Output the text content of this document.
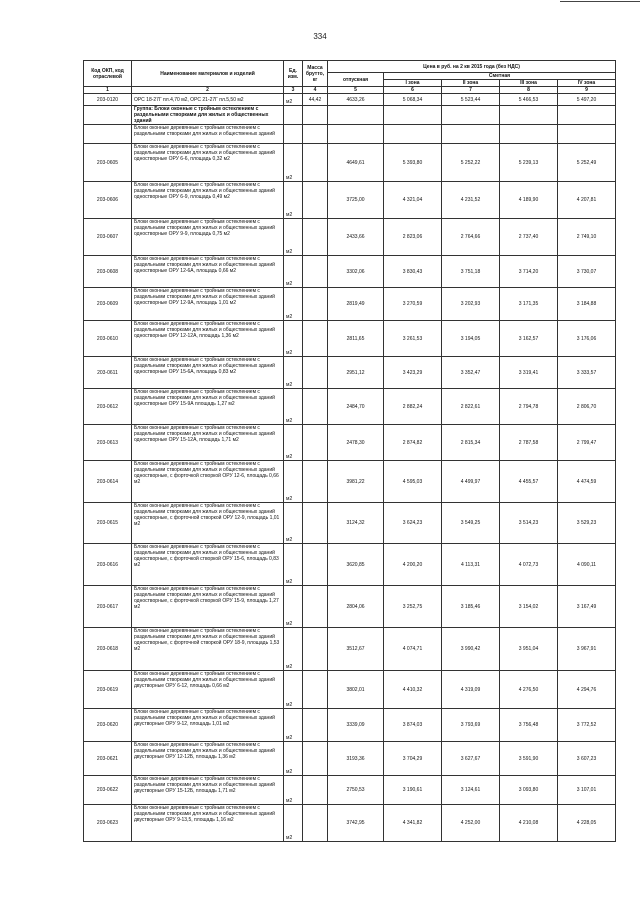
334
Код ОКП, код отраслевой	Наименование материалов и изделий	Ед. изм.	Масса брутто, кг	Цена в руб. на 2 кв 2015 года (без НДС)				
				отпускная	Сметная			
					I зона	II зона	III зона	IV зона
1	2	3	4	5	6	7	8	9
203-0120	ОРС 18-27Г пл.4,70 м2, ОРС 21-27Г пл.5,50 м2	м2	44,42	4633,26	5 068,34	5 523,44	5 466,53	5 497,20
	Группа: Блоки оконные с тройным остеклением с раздельными створками для жилых и общественных зданий							
	Блоки оконные деревянные с тройным остеклением с раздельными створками для жилых и общественных зданий							
203-0605	Блоки оконные деревянные с тройным остеклением с раздельными створками для жилых и общественных зданий одностворные ОРУ 6-6, площадь 0,32 м2	м2		4649,61	5 393,80	5 252,22	5 239,13	5 252,49
203-0606	Блоки оконные деревянные с тройным остеклением с раздельными створками для жилых и общественных зданий одностворные ОРУ 6-9, площадь 0,49 м2	м2		3725,00	4 321,04	4 231,52	4 189,90	4 207,81
203-0607	Блоки оконные деревянные с тройным остеклением с раздельными створками для жилых и общественных зданий одностворные ОРУ 9-9, площадь 0,75 м2	м2		2433,66	2 823,06	2 764,66	2 737,40	2 749,10
203-0608	Блоки оконные деревянные с тройным остеклением с раздельными створками для жилых и общественных зданий одностворные ОРУ 12-6А, площадь 0,66 м2	м2		3302,06	3 830,43	3 751,18	3 714,20	3 730,07
203-0609	Блоки оконные деревянные с тройным остеклением с раздельными створками для жилых и общественных зданий одностворные ОРУ 12-9А, площадь 1,01 м2	м2		2819,49	3 270,59	3 202,93	3 171,35	3 184,88
203-0610	Блоки оконные деревянные с тройным остеклением с раздельными створками для жилых и общественных зданий одностворные ОРУ 12-12А, площадь 1,36 м2	м2		2811,65	3 261,53	3 194,05	3 162,57	3 176,06
203-0611	Блоки оконные деревянные с тройным остеклением с раздельными створками для жилых и общественных зданий одностворные ОРУ 15-6А, площадь 0,83 м2	м2		2951,12	3 423,29	3 352,47	3 319,41	3 333,57
203-0612	Блоки оконные деревянные с тройным остеклением с раздельными створками для жилых и общественных зданий одностворные ОРУ 15-9А площадь 1,27 м2	м2		2484,70	2 882,24	2 822,61	2 794,78	2 806,70
203-0613	Блоки оконные деревянные с тройным остеклением с раздельными створками для жилых и общественных зданий одностворные ОРУ 15-12А, площадь 1,71 м2	м2		2478,30	2 874,82	2 815,34	2 787,58	2 799,47
203-0614	Блоки оконные деревянные с тройным остеклением с раздельными створками для жилых и общественных зданий одностворные, с форточкой створкой ОРУ 12-6, площадь 0,66 м2	м2		3981,22	4 595,03	4 499,97	4 455,57	4 474,59
203-0615	Блоки оконные деревянные с тройным остеклением с раздельными створками для жилых и общественных зданий одностворные, с форточной створкой ОРУ 12-9, площадь 1,01 м2	м2		3124,32	3 624,23	3 549,25	3 514,23	3 529,23
203-0616	Блоки оконные деревянные с тройным остеклением с раздельными створками для жилых и общественных зданий одностворные, с форточкой створкой ОРУ 15-6, площадь 0,83 м2	м2		3620,85	4 200,20	4 113,31	4 072,73	4 090,11
203-0617	Блоки оконные деревянные с тройным остеклением с раздельными створками для жилых и общественных зданий одностворные, с форточкой створкой ОРУ 15-9, площадь 1,27 м2	м2		2804,06	3 252,75	3 185,46	3 154,02	3 167,49
203-0618	Блоки оконные деревянные с тройным остеклением с раздельными створками для жилых и общественных зданий одностворные, с форточной створкой ОРУ 18-9, площадь 1,53 м2	м2		3512,67	4 074,71	3 990,42	3 951,04	3 967,91
203-0619	Блоки оконные деревянные с тройным остеклением с раздельными створками для жилых и общественных зданий двустворные ОРУ 6-12, площадь 0,66 м2	м2		3802,01	4 410,32	4 319,09	4 276,50	4 294,76
203-0620	Блоки оконные деревянные с тройным остеклением с раздельными створками для жилых и общественных зданий двустворные ОРУ 9-12, площадь 1,01 м2	м2		3339,09	3 874,03	3 793,69	3 756,48	3 772,52
203-0621	Блоки оконные деревянные с тройным остеклением с раздельными створками для жилых и общественных зданий двустворные ОРУ 12-12Б, площадь 1,36 м2	м2		3193,36	3 704,29	3 627,67	3 591,90	3 607,23
203-0622	Блоки оконные деревянные с тройным остеклением с раздельными створками для жилых и общественных зданий двустворные ОРУ 15-12Б, площадь 1,71 м2	м2		2750,53	3 190,61	3 124,61	3 093,80	3 107,01
203-0623	Блоки оконные деревянные с тройным остеклением с раздельными створками для жилых и общественных зданий двустворные ОРУ 9-13,5, площадь 1,16 м2	м2		3742,95	4 341,82	4 252,00	4 210,08	4 228,05
